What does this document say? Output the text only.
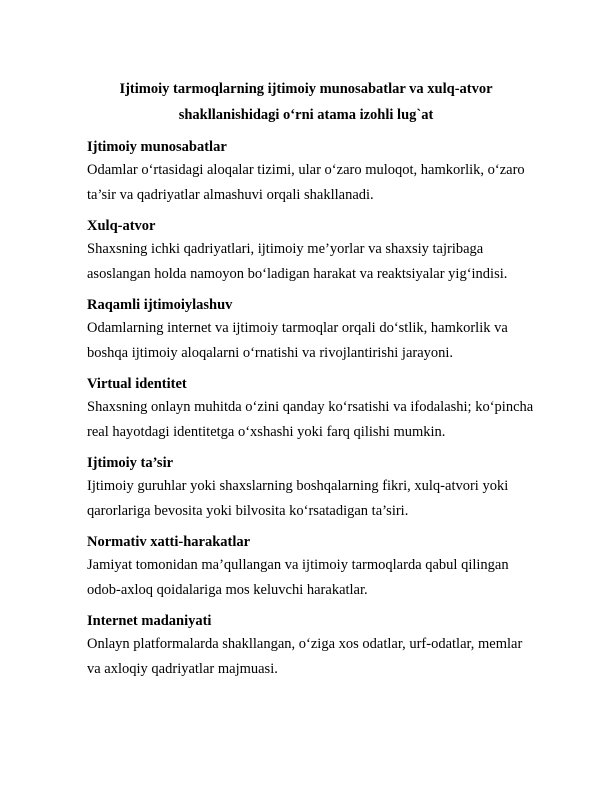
Ijtimoiy tarmoqlarning ijtimoiy munosabatlar va xulq-atvor

shakllanishidagi o‘rni atama izohli lug`at

Ijtimoiy munosabatlar

Odamlar o‘rtasidagi aloqalar tizimi, ular o‘zaro muloqot, hamkorlik, o‘zaro

ta’sir va qadriyatlar almashuvi orqali shakllanadi.

Xulq-atvor

Shaxsning ichki qadriyatlari, ijtimoiy me’yorlar va shaxsiy tajribaga

asoslangan holda namoyon bo‘ladigan harakat va reaktsiyalar yig‘indisi.

Raqamli ijtimoiylashuv

Odamlarning internet va ijtimoiy tarmoqlar orqali do‘stlik, hamkorlik va

boshqa ijtimoiy aloqalarni o‘rnatishi va rivojlantirishi jarayoni.

Virtual identitet

Shaxsning onlayn muhitda o‘zini qanday ko‘rsatishi va ifodalashi; ko‘pincha

real hayotdagi identitetga o‘xshashi yoki farq qilishi mumkin.

Ijtimoiy ta’sir

Ijtimoiy guruhlar yoki shaxslarning boshqalarning fikri, xulq-atvori yoki

qarorlariga bevosita yoki bilvosita ko‘rsatadigan ta’siri.

Normativ xatti-harakatlar

Jamiyat tomonidan ma’qullangan va ijtimoiy tarmoqlarda qabul qilingan

odob-axloq qoidalariga mos keluvchi harakatlar.

Internet madaniyati

Onlayn platformalarda shakllangan, o‘ziga xos odatlar, urf-odatlar, memlar

va axloqiy qadriyatlar majmuasi.
